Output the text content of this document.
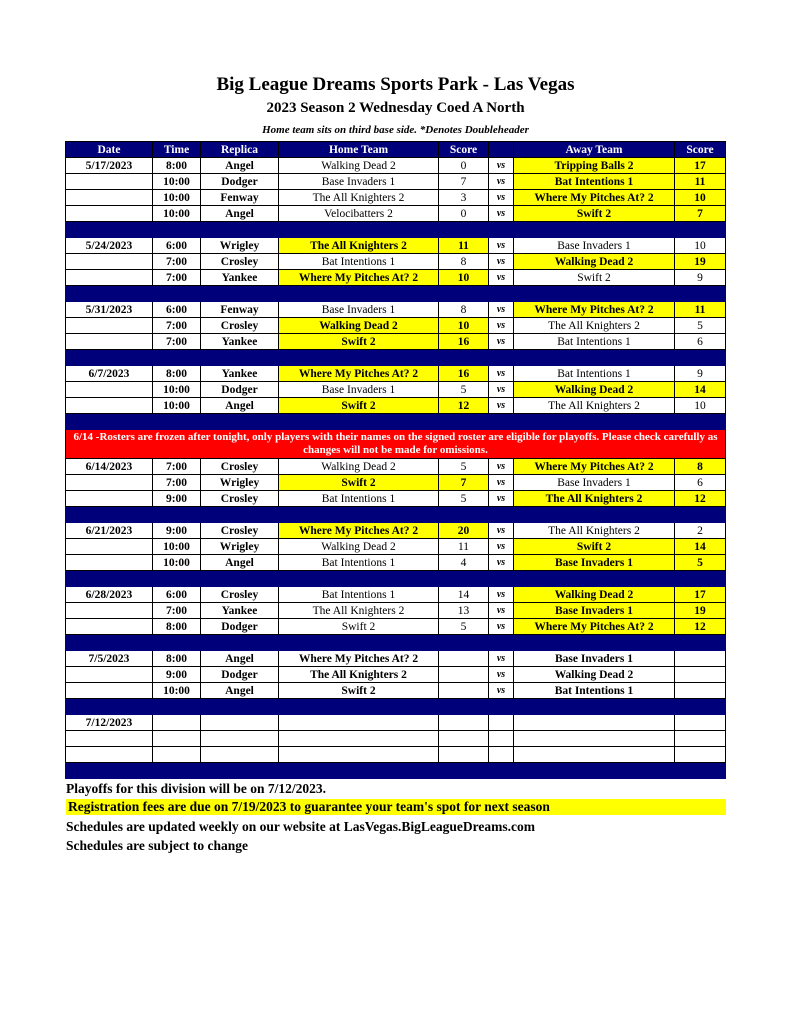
Big League Dreams Sports Park - Las Vegas
2023 Season 2 Wednesday Coed A North
Home team sits on third base side. *Denotes Doubleheader
Date	Time	Replica	Home Team	Score		Away Team	Score
5/17/2023	8:00	Angel	Walking Dead 2	0	vs	Tripping Balls 2	17
	10:00	Dodger	Base Invaders 1	7	vs	Bat Intentions 1	11
	10:00	Fenway	The All Knighters 2	3	vs	Where My Pitches At? 2	10
	10:00	Angel	Velocibatters 2	0	vs	Swift 2	7

5/24/2023	6:00	Wrigley	The All Knighters 2	11	vs	Base Invaders 1	10
	7:00	Crosley	Bat Intentions 1	8	vs	Walking Dead 2	19
	7:00	Yankee	Where My Pitches At? 2	10	vs	Swift 2	9

5/31/2023	6:00	Fenway	Base Invaders 1	8	vs	Where My Pitches At? 2	11
	7:00	Crosley	Walking Dead 2	10	vs	The All Knighters 2	5
	7:00	Yankee	Swift 2	16	vs	Bat Intentions 1	6

6/7/2023	8:00	Yankee	Where My Pitches At? 2	16	vs	Bat Intentions 1	9
	10:00	Dodger	Base Invaders 1	5	vs	Walking Dead 2	14
	10:00	Angel	Swift 2	12	vs	The All Knighters 2	10

6/14 -Rosters are frozen after tonight, only players with their names on the signed roster are eligible for playoffs. Please check carefully as changes will not be made for omissions.							
6/14/2023	7:00	Crosley	Walking Dead 2	5	vs	Where My Pitches At? 2	8
	7:00	Wrigley	Swift 2	7	vs	Base Invaders 1	6
	9:00	Crosley	Bat Intentions 1	5	vs	The All Knighters 2	12

6/21/2023	9:00	Crosley	Where My Pitches At? 2	20	vs	The All Knighters 2	2
	10:00	Wrigley	Walking Dead 2	11	vs	Swift 2	14
	10:00	Angel	Bat Intentions 1	4	vs	Base Invaders 1	5

6/28/2023	6:00	Crosley	Bat Intentions 1	14	vs	Walking Dead 2	17
	7:00	Yankee	The All Knighters 2	13	vs	Base Invaders 1	19
	8:00	Dodger	Swift 2	5	vs	Where My Pitches At? 2	12

7/5/2023	8:00	Angel	Where My Pitches At? 2		vs	Base Invaders 1	
	9:00	Dodger	The All Knighters 2		vs	Walking Dead 2	
	10:00	Angel	Swift 2		vs	Bat Intentions 1	

7/12/2023							

Playoffs for this division will be on 7/12/2023.
Registration fees are due on 7/19/2023 to guarantee your team's spot for next season
Schedules are updated weekly on our website at LasVegas.BigLeagueDreams.com
Schedules are subject to change
